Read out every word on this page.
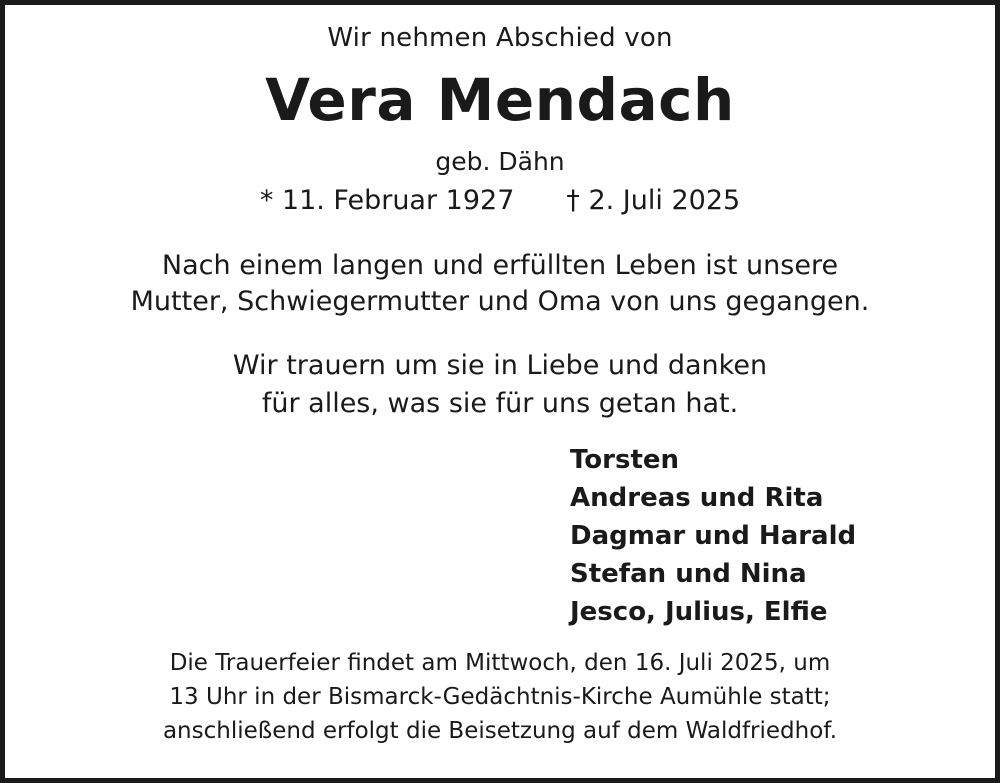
Wir nehmen Abschied von
Vera Mendach
geb. Dähn
* 11. Februar 1927 † 2. Juli 2025
Nach einem langen und erfüllten Leben ist unsere
Mutter, Schwiegermutter und Oma von uns gegangen.
Wir trauern um sie in Liebe und danken
für alles, was sie für uns getan hat.
Torsten
Andreas und Rita
Dagmar und Harald
Stefan und Nina
Jesco, Julius, Elfie
Die Trauerfeier findet am Mittwoch, den 16. Juli 2025, um
13 Uhr in der Bismarck-Gedächtnis-Kirche Aumühle statt;
anschließend erfolgt die Beisetzung auf dem Waldfriedhof.
